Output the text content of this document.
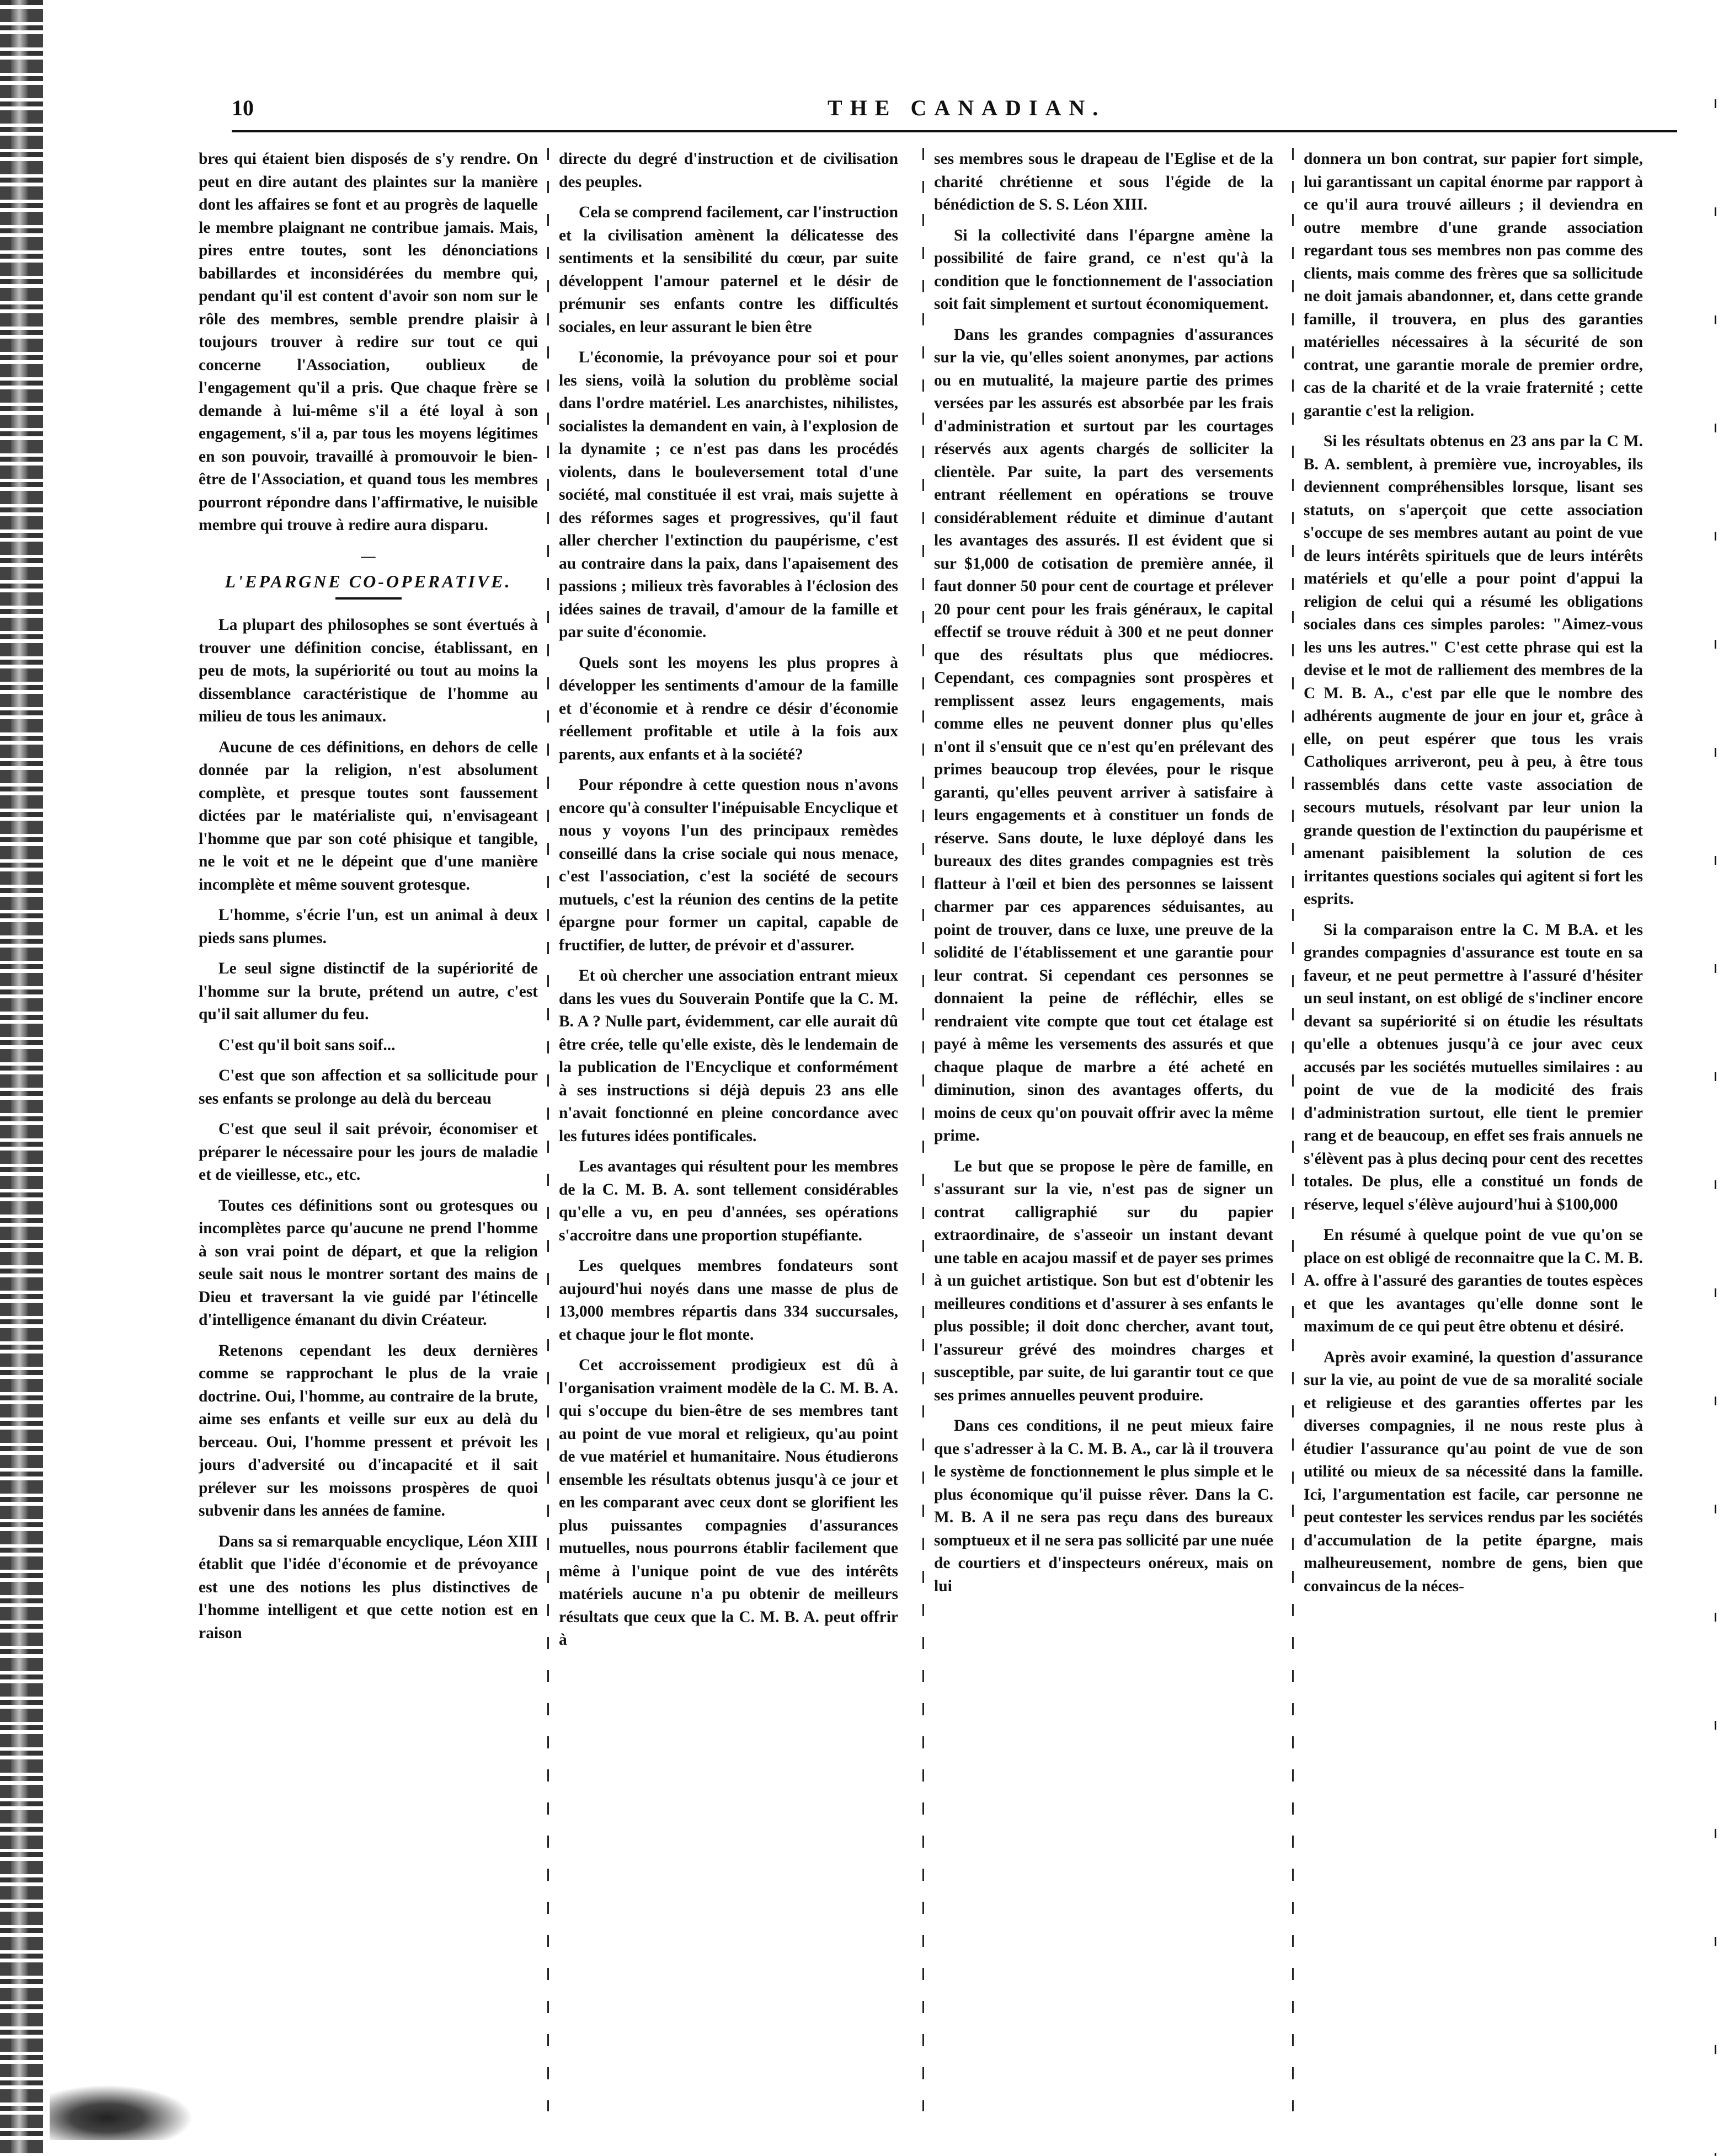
10	THE CANADIAN.

bres qui étaient bien disposés de s'y rendre. On peut en dire autant des plaintes sur la manière dont les affaires se font et au progrès de laquelle le membre plaignant ne contribue jamais. Mais, pires entre toutes, sont les dénonciations babillardes et inconsidérées du membre qui, pendant qu'il est content d'avoir son nom sur le rôle des membres, semble prendre plaisir à toujours trouver à redire sur tout ce qui concerne l'Association, oublieux de l'engagement qu'il a pris. Que chaque frère se demande à lui-même s'il a été loyal à son engagement, s'il a, par tous les moyens légitimes en son pouvoir, travaillé à promouvoir le bien-être de l'Association, et quand tous les membres pourront répondre dans l'affirmative, le nuisible membre qui trouve à redire aura disparu.

—
L'EPARGNE CO-OPERATIVE.

La plupart des philosophes se sont évertués à trouver une définition concise, établissant, en peu de mots, la supériorité ou tout au moins la dissemblance caractéristique de l'homme au milieu de tous les animaux.

Aucune de ces définitions, en dehors de celle donnée par la religion, n'est absolument complète, et presque toutes sont faussement dictées par le matérialiste qui, n'envisageant l'homme que par son coté phisique et tangible, ne le voit et ne le dépeint que d'une manière incomplète et même souvent grotesque.

L'homme, s'écrie l'un, est un animal à deux pieds sans plumes.

Le seul signe distinctif de la supériorité de l'homme sur la brute, prétend un autre, c'est qu'il sait allumer du feu.

C'est qu'il boit sans soif...

C'est que son affection et sa sollicitude pour ses enfants se prolonge au delà du berceau

C'est que seul il sait prévoir, économiser et préparer le nécessaire pour les jours de maladie et de vieillesse, etc., etc.

Toutes ces définitions sont ou grotesques ou incomplètes parce qu'aucune ne prend l'homme à son vrai point de départ, et que la religion seule sait nous le montrer sortant des mains de Dieu et traversant la vie guidé par l'étincelle d'intelligence émanant du divin Créateur.

Retenons cependant les deux dernières comme se rapprochant le plus de la vraie doctrine. Oui, l'homme, au contraire de la brute, aime ses enfants et veille sur eux au delà du berceau. Oui, l'homme pressent et prévoit les jours d'adversité ou d'incapacité et il sait prélever sur les moissons prospères de quoi subvenir dans les années de famine.

Dans sa si remarquable encyclique, Léon XIII établit que l'idée d'économie et de prévoyance est une des notions les plus distinctives de l'homme intelligent et que cette notion est en raison

directe du degré d'instruction et de civilisation des peuples.

Cela se comprend facilement, car l'instruction et la civilisation amènent la délicatesse des sentiments et la sensibilité du cœur, par suite développent l'amour paternel et le désir de prémunir ses enfants contre les difficultés sociales, en leur assurant le bien être

L'économie, la prévoyance pour soi et pour les siens, voilà la solution du problème social dans l'ordre matériel. Les anarchistes, nihilistes, socialistes la demandent en vain, à l'explosion de la dynamite ; ce n'est pas dans les procédés violents, dans le bouleversement total d'une société, mal constituée il est vrai, mais sujette à des réformes sages et progressives, qu'il faut aller chercher l'extinction du paupérisme, c'est au contraire dans la paix, dans l'apaisement des passions ; milieux très favorables à l'éclosion des idées saines de travail, d'amour de la famille et par suite d'économie.

Quels sont les moyens les plus propres à développer les sentiments d'amour de la famille et d'économie et à rendre ce désir d'économie réellement profitable et utile à la fois aux parents, aux enfants et à la société?

Pour répondre à cette question nous n'avons encore qu'à consulter l'inépuisable Encyclique et nous y voyons l'un des principaux remèdes conseillé dans la crise sociale qui nous menace, c'est l'association, c'est la société de secours mutuels, c'est la réunion des centins de la petite épargne pour former un capital, capable de fructifier, de lutter, de prévoir et d'assurer.

Et où chercher une association entrant mieux dans les vues du Souverain Pontife que la C. M. B. A ? Nulle part, évidemment, car elle aurait dû être crée, telle qu'elle existe, dès le lendemain de la publication de l'Encyclique et conformément à ses instructions si déjà depuis 23 ans elle n'avait fonctionné en pleine concordance avec les futures idées pontificales.

Les avantages qui résultent pour les membres de la C. M. B. A. sont tellement considérables qu'elle a vu, en peu d'années, ses opérations s'accroitre dans une proportion stupéfiante.

Les quelques membres fondateurs sont aujourd'hui noyés dans une masse de plus de 13,000 membres répartis dans 334 succursales, et chaque jour le flot monte.

Cet accroissement prodigieux est dû à l'organisation vraiment modèle de la C. M. B. A. qui s'occupe du bien-être de ses membres tant au point de vue moral et religieux, qu'au point de vue matériel et humanitaire. Nous étudierons ensemble les résultats obtenus jusqu'à ce jour et en les comparant avec ceux dont se glorifient les plus puissantes compagnies d'assurances mutuelles, nous pourrons établir facilement que même à l'unique point de vue des intérêts matériels aucune n'a pu obtenir de meilleurs résultats que ceux que la C. M. B. A. peut offrir à

ses membres sous le drapeau de l'Eglise et de la charité chrétienne et sous l'égide de la bénédiction de S. S. Léon XIII.

Si la collectivité dans l'épargne amène la possibilité de faire grand, ce n'est qu'à la condition que le fonctionnement de l'association soit fait simplement et surtout économiquement.

Dans les grandes compagnies d'assurances sur la vie, qu'elles soient anonymes, par actions ou en mutualité, la majeure partie des primes versées par les assurés est absorbée par les frais d'administration et surtout par les courtages réservés aux agents chargés de solliciter la clientèle. Par suite, la part des versements entrant réellement en opérations se trouve considérablement réduite et diminue d'autant les avantages des assurés. Il est évident que si sur $1,000 de cotisation de première année, il faut donner 50 pour cent de courtage et prélever 20 pour cent pour les frais généraux, le capital effectif se trouve réduit à 300 et ne peut donner que des résultats plus que médiocres. Cependant, ces compagnies sont prospères et remplissent assez leurs engagements, mais comme elles ne peuvent donner plus qu'elles n'ont il s'ensuit que ce n'est qu'en prélevant des primes beaucoup trop élevées, pour le risque garanti, qu'elles peuvent arriver à satisfaire à leurs engagements et à constituer un fonds de réserve. Sans doute, le luxe déployé dans les bureaux des dites grandes compagnies est très flatteur à l'œil et bien des personnes se laissent charmer par ces apparences séduisantes, au point de trouver, dans ce luxe, une preuve de la solidité de l'établissement et une garantie pour leur contrat. Si cependant ces personnes se donnaient la peine de réfléchir, elles se rendraient vite compte que tout cet étalage est payé à même les versements des assurés et que chaque plaque de marbre a été acheté en diminution, sinon des avantages offerts, du moins de ceux qu'on pouvait offrir avec la même prime.

Le but que se propose le père de famille, en s'assurant sur la vie, n'est pas de signer un contrat calligraphié sur du papier extraordinaire, de s'asseoir un instant devant une table en acajou massif et de payer ses primes à un guichet artistique. Son but est d'obtenir les meilleures conditions et d'assurer à ses enfants le plus possible; il doit donc chercher, avant tout, l'assureur grévé des moindres charges et susceptible, par suite, de lui garantir tout ce que ses primes annuelles peuvent produire.

Dans ces conditions, il ne peut mieux faire que s'adresser à la C. M. B. A., car là il trouvera le système de fonctionnement le plus simple et le plus économique qu'il puisse rêver. Dans la C. M. B. A il ne sera pas reçu dans des bureaux somptueux et il ne sera pas sollicité par une nuée de courtiers et d'inspecteurs onéreux, mais on lui

donnera un bon contrat, sur papier fort simple, lui garantissant un capital énorme par rapport à ce qu'il aura trouvé ailleurs ; il deviendra en outre membre d'une grande association regardant tous ses membres non pas comme des clients, mais comme des frères que sa sollicitude ne doit jamais abandonner, et, dans cette grande famille, il trouvera, en plus des garanties matérielles nécessaires à la sécurité de son contrat, une garantie morale de premier ordre, cas de la charité et de la vraie fraternité ; cette garantie c'est la religion.

Si les résultats obtenus en 23 ans par la C M. B. A. semblent, à première vue, incroyables, ils deviennent compréhensibles lorsque, lisant ses statuts, on s'aperçoit que cette association s'occupe de ses membres autant au point de vue de leurs intérêts spirituels que de leurs intérêts matériels et qu'elle a pour point d'appui la religion de celui qui a résumé les obligations sociales dans ces simples paroles: "Aimez-vous les uns les autres." C'est cette phrase qui est la devise et le mot de ralliement des membres de la C M. B. A., c'est par elle que le nombre des adhérents augmente de jour en jour et, grâce à elle, on peut espérer que tous les vrais Catholiques arriveront, peu à peu, à être tous rassemblés dans cette vaste association de secours mutuels, résolvant par leur union la grande question de l'extinction du paupérisme et amenant paisiblement la solution de ces irritantes questions sociales qui agitent si fort les esprits.

Si la comparaison entre la C. M B.A. et les grandes compagnies d'assurance est toute en sa faveur, et ne peut permettre à l'assuré d'hésiter un seul instant, on est obligé de s'incliner encore devant sa supériorité si on étudie les résultats qu'elle a obtenues jusqu'à ce jour avec ceux accusés par les sociétés mutuelles similaires : au point de vue de la modicité des frais d'administration surtout, elle tient le premier rang et de beaucoup, en effet ses frais annuels ne s'élèvent pas à plus decinq pour cent des recettes totales. De plus, elle a constitué un fonds de réserve, lequel s'élève aujourd'hui à $100,000

En résumé à quelque point de vue qu'on se place on est obligé de reconnaitre que la C. M. B. A. offre à l'assuré des garanties de toutes espèces et que les avantages qu'elle donne sont le maximum de ce qui peut être obtenu et désiré.

Après avoir examiné, la question d'assurance sur la vie, au point de vue de sa moralité sociale et religieuse et des garanties offertes par les diverses compagnies, il ne nous reste plus à étudier l'assurance qu'au point de vue de son utilité ou mieux de sa nécessité dans la famille. Ici, l'argumentation est facile, car personne ne peut contester les services rendus par les sociétés d'accumulation de la petite épargne, mais malheureusement, nombre de gens, bien que convaincus de la néces-
